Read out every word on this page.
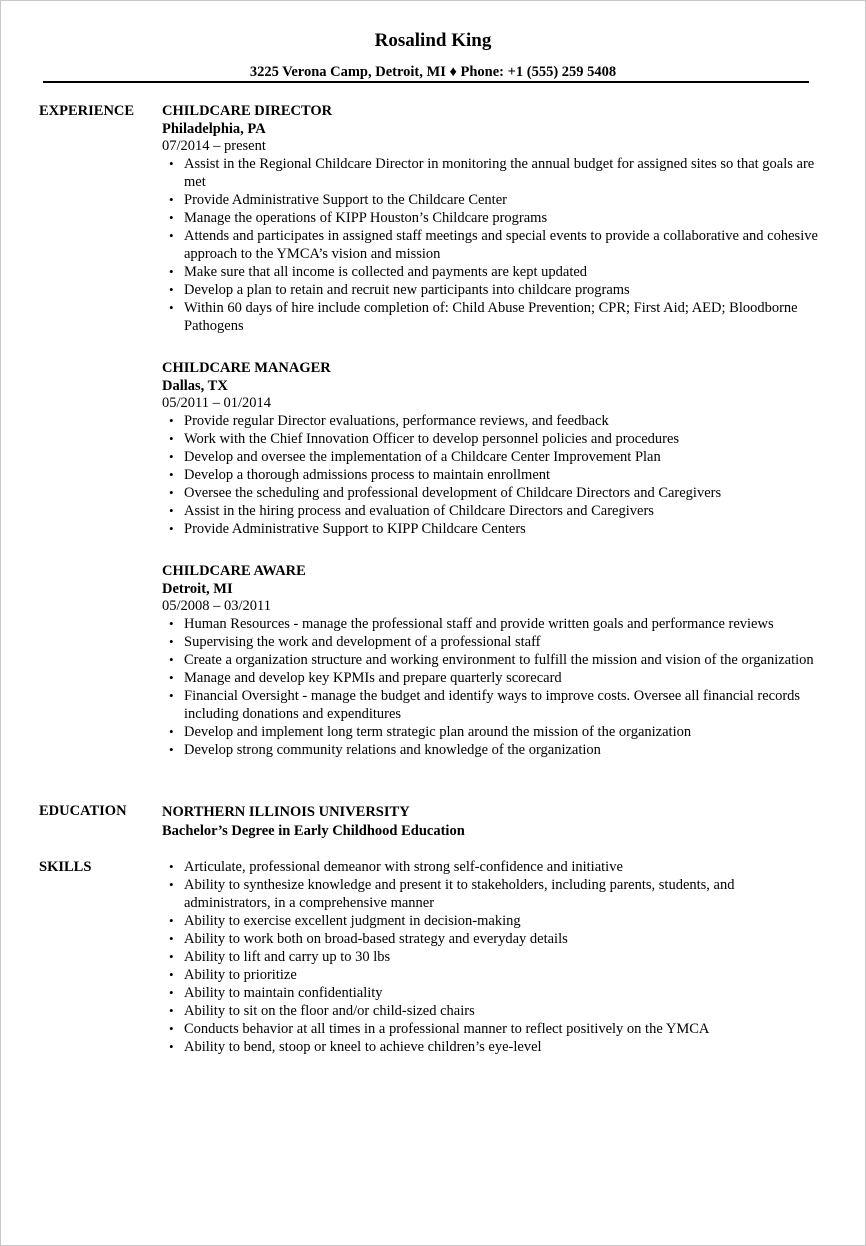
Rosalind King
3225 Verona Camp, Detroit, MI ♦ Phone: +1 (555) 259 5408
EXPERIENCE CHILDCARE DIRECTOR
Philadelphia, PA
07/2014 – present
• Assist in the Regional Childcare Director in monitoring the annual budget for assigned sites so that goals are met
• Provide Administrative Support to the Childcare Center
• Manage the operations of KIPP Houston’s Childcare programs
• Attends and participates in assigned staff meetings and special events to provide a collaborative and cohesive approach to the YMCA’s vision and mission
• Make sure that all income is collected and payments are kept updated
• Develop a plan to retain and recruit new participants into childcare programs
• Within 60 days of hire include completion of: Child Abuse Prevention; CPR; First Aid; AED; Bloodborne Pathogens
CHILDCARE MANAGER
Dallas, TX
05/2011 – 01/2014
• Provide regular Director evaluations, performance reviews, and feedback
• Work with the Chief Innovation Officer to develop personnel policies and procedures
• Develop and oversee the implementation of a Childcare Center Improvement Plan
• Develop a thorough admissions process to maintain enrollment
• Oversee the scheduling and professional development of Childcare Directors and Caregivers
• Assist in the hiring process and evaluation of Childcare Directors and Caregivers
• Provide Administrative Support to KIPP Childcare Centers
CHILDCARE AWARE
Detroit, MI
05/2008 – 03/2011
• Human Resources - manage the professional staff and provide written goals and performance reviews
• Supervising the work and development of a professional staff
• Create a organization structure and working environment to fulfill the mission and vision of the organization
• Manage and develop key KPMIs and prepare quarterly scorecard
• Financial Oversight - manage the budget and identify ways to improve costs. Oversee all financial records including donations and expenditures
• Develop and implement long term strategic plan around the mission of the organization
• Develop strong community relations and knowledge of the organization
EDUCATION NORTHERN ILLINOIS UNIVERSITY
Bachelor’s Degree in Early Childhood Education
SKILLS
•	Articulate, professional demeanor with strong self-confidence and initiative
• Ability to synthesize knowledge and present it to stakeholders, including parents, students, and administrators, in a comprehensive manner
• Ability to exercise excellent judgment in decision-making
• Ability to work both on broad-based strategy and everyday details
• Ability to lift and carry up to 30 lbs
• Ability to prioritize
• Ability to maintain confidentiality
• Ability to sit on the floor and/or child-sized chairs
• Conducts behavior at all times in a professional manner to reflect positively on the YMCA
• Ability to bend, stoop or kneel to achieve children’s eye-level
